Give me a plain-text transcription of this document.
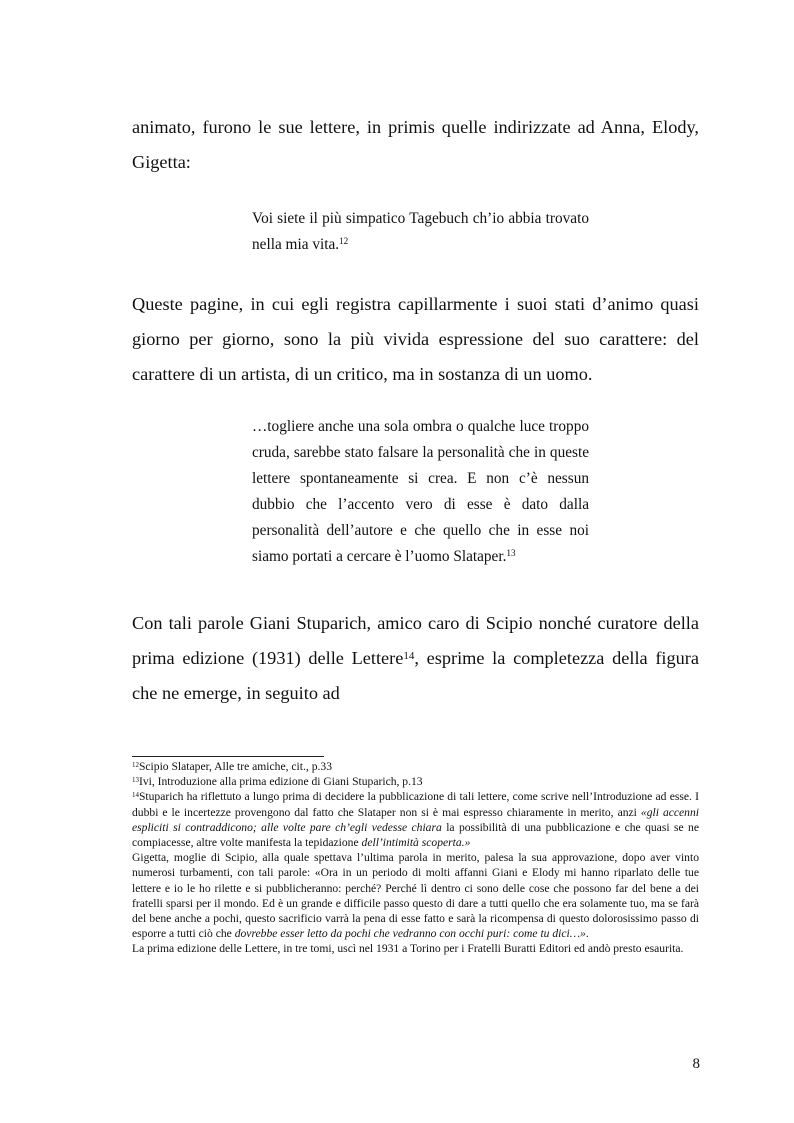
animato, furono le sue lettere, in primis quelle indirizzate ad Anna, Elody, Gigetta:

Voi siete il più simpatico Tagebuch ch’io abbia trovato nella mia vita.$^{12}$

Queste pagine, in cui egli registra capillarmente i suoi stati d’animo quasi giorno per giorno, sono la più vivida espressione del suo carattere: del carattere di un artista, di un critico, ma in sostanza di un uomo.

…togliere anche una sola ombra o qualche luce troppo cruda, sarebbe stato falsare la personalità che in queste lettere spontaneamente si crea. E non c’è nessun dubbio che l’accento vero di esse è dato dalla personalità dell’autore e che quello che in esse noi siamo portati a cercare è l’uomo Slataper.$^{13}$

Con tali parole Giani Stuparich, amico caro di Scipio nonché curatore della prima edizione (1931) delle Lettere$^{14}$, esprime la completezza della figura che ne emerge, in seguito ad

$^{12}$Scipio Slataper, Alle tre amiche, cit., p.33

$^{13}$Ivi, Introduzione alla prima edizione di Giani Stuparich, p.13

$^{14}$Stuparich ha riflettuto a lungo prima di decidere la pubblicazione di tali lettere, come scrive nell’Introduzione ad esse. I dubbi e le incertezze provengono dal fatto che Slataper non si è mai espresso chiaramente in merito, anzi «gli accenni espliciti si contraddicono; alle volte pare ch’egli vedesse chiara la possibilità di una pubblicazione e che quasi se ne compiacesse, altre volte manifesta la tepidazione dell’intimità scoperta.»

Gigetta, moglie di Scipio, alla quale spettava l’ultima parola in merito, palesa la sua approvazione, dopo aver vinto numerosi turbamenti, con tali parole: «Ora in un periodo di molti affanni Giani e Elody mi hanno riparlato delle tue lettere e io le ho rilette e si pubblicheranno: perché? Perché lì dentro ci sono delle cose che possono far del bene a dei fratelli sparsi per il mondo. Ed è un grande e difficile passo questo di dare a tutti quello che era solamente tuo, ma se farà del bene anche a pochi, questo sacrificio varrà la pena di esse fatto e sarà la ricompensa di questo dolorosissimo passo di esporre a tutti ciò che dovrebbe esser letto da pochi che vedranno con occhi puri: come tu dici…».

La prima edizione delle Lettere, in tre tomi, uscì nel 1931 a Torino per i Fratelli Buratti Editori ed andò presto esaurita.

8
